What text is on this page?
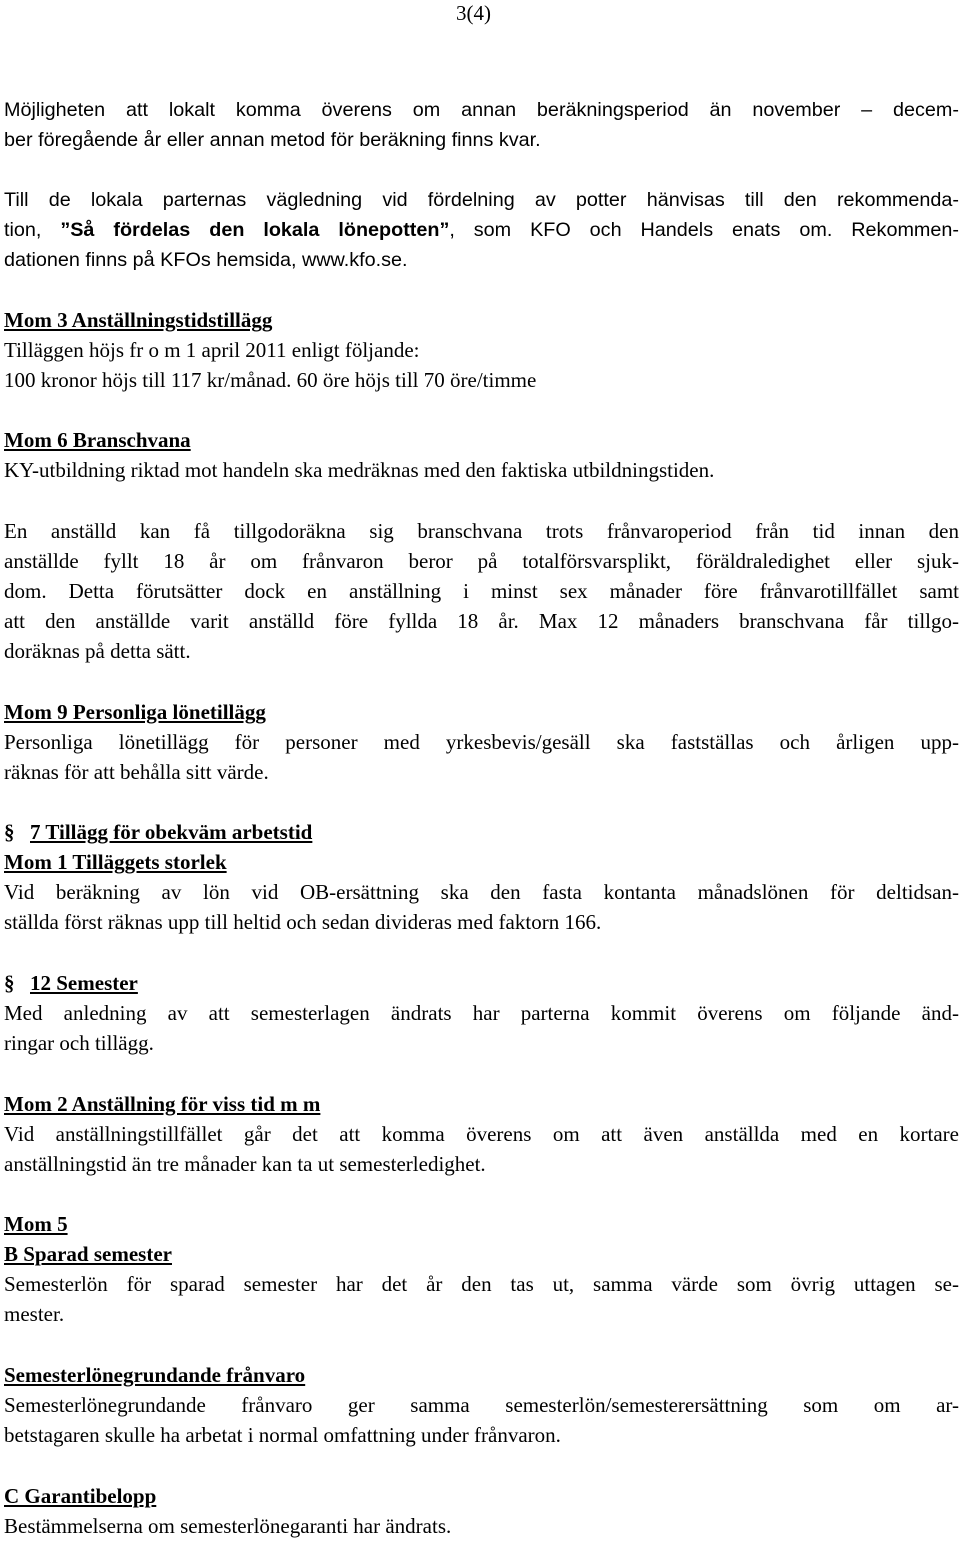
3(4)

Möjligheten att lokalt komma överens om annan beräkningsperiod än november – decem-

ber föregående år eller annan metod för beräkning finns kvar.

Till de lokala parternas vägledning vid fördelning av potter hänvisas till den rekommenda-

tion, ”Så fördelas den lokala lönepotten”, som KFO och Handels enats om. Rekommen-

dationen finns på KFOs hemsida, www.kfo.se.

Mom 3 Anställningstidstillägg

Tilläggen höjs fr o m 1 april 2011 enligt följande:

100 kronor höjs till 117 kr/månad. 60 öre höjs till 70 öre/timme

Mom 6 Branschvana

KY-utbildning riktad mot handeln ska medräknas med den faktiska utbildningstiden.

En anställd kan få tillgodoräkna sig branschvana trots frånvaroperiod från tid innan den

anställde fyllt 18 år om frånvaron beror på totalförsvarsplikt, föräldraledighet eller sjuk-

dom. Detta förutsätter dock en anställning i minst sex månader före frånvarotillfället samt

att den anställde varit anställd före fyllda 18 år. Max 12 månaders branschvana får tillgo-

doräknas på detta sätt.

Mom 9 Personliga lönetillägg

Personliga lönetillägg för personer med yrkesbevis/gesäll ska fastställas och årligen upp-

räknas för att behålla sitt värde.

§ 7 Tillägg för obekväm arbetstid

Mom 1 Tilläggets storlek

Vid beräkning av lön vid OB-ersättning ska den fasta kontanta månadslönen för deltidsan-

ställda först räknas upp till heltid och sedan divideras med faktorn 166.

§ 12 Semester

Med anledning av att semesterlagen ändrats har parterna kommit överens om följande änd-

ringar och tillägg.

Mom 2 Anställning för viss tid m m

Vid anställningstillfället går det att komma överens om att även anställda med en kortare

anställningstid än tre månader kan ta ut semesterledighet.

Mom 5

B Sparad semester

Semesterlön för sparad semester har det år den tas ut, samma värde som övrig uttagen se-

mester.

Semesterlönegrundande frånvaro

Semesterlönegrundande frånvaro ger samma semesterlön/semesterersättning som om ar-

betstagaren skulle ha arbetat i normal omfattning under frånvaron.

C Garantibelopp

Bestämmelserna om semesterlönegaranti har ändrats.
